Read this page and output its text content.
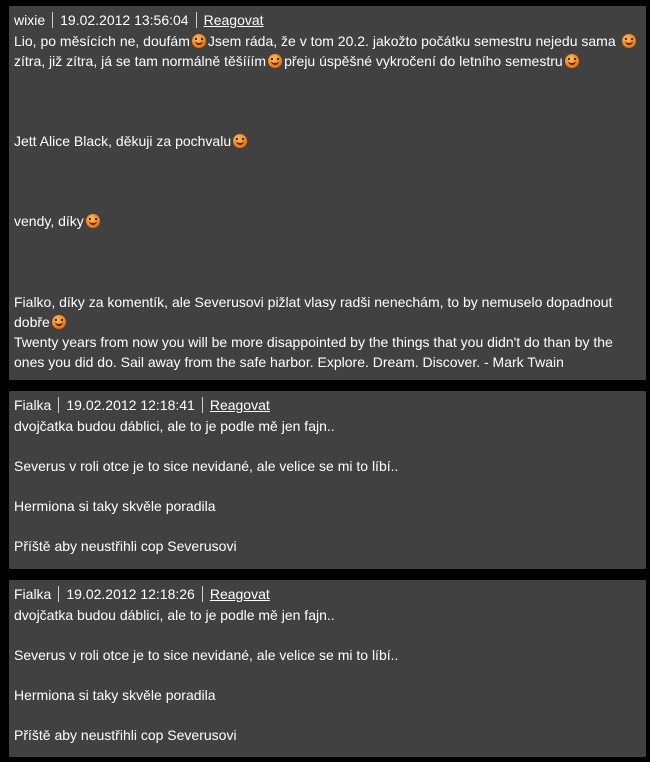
wixie 19.02.2012 13:56:04 Reagovat

Lio, po měsících ne, doufám Jsem ráda, že v tom 20.2. jakožto počátku semestru nejedu sama zítra, již zítra, já se tam normálně těšííím přeju úspěšné vykročení do letního semestru

Jett Alice Black, děkuji za pochvalu

vendy, díky

Fialko, díky za komentík, ale Severusovi pižlat vlasy radši nenechám, to by nemuselo dopadnout dobře

Twenty years from now you will be more disappointed by the things that you didn't do than by the ones you did do. Sail away from the safe harbor. Explore. Dream. Discover. - Mark Twain

Fialka 19.02.2012 12:18:41 Reagovat

dvojčatka budou dáblici, ale to je podle mě jen fajn..

Severus v roli otce je to sice nevidané, ale velice se mi to líbí..

Hermiona si taky skvěle poradila

Příště aby neustřihli cop Severusovi

Fialka 19.02.2012 12:18:26 Reagovat

dvojčatka budou dáblici, ale to je podle mě jen fajn..

Severus v roli otce je to sice nevidané, ale velice se mi to líbí..

Hermiona si taky skvěle poradila

Příště aby neustřihli cop Severusovi
